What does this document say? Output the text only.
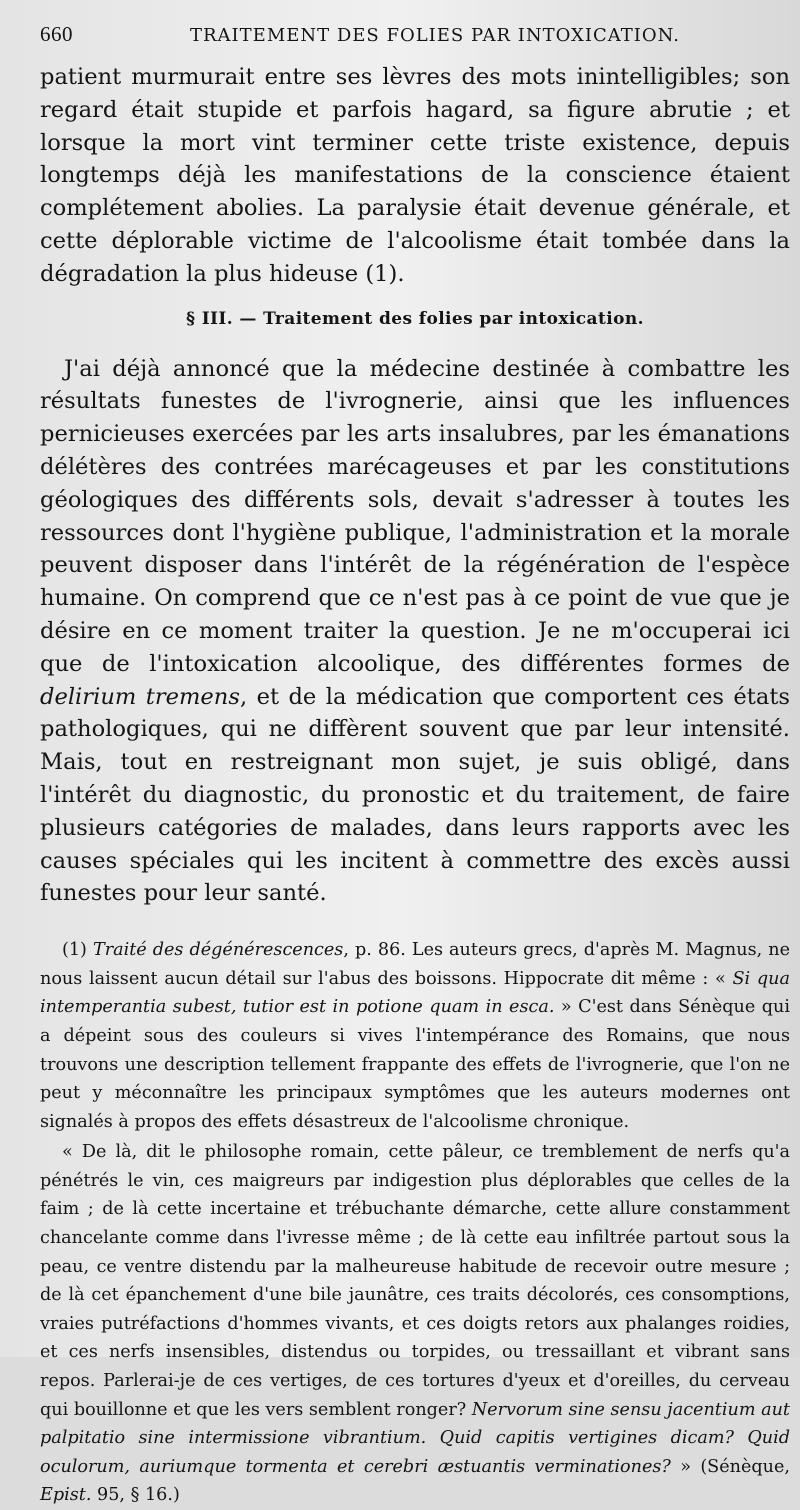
660	TRAITEMENT DES FOLIES PAR INTOXICATION.

patient murmurait entre ses lèvres des mots inintelligibles; son regard était stupide et parfois hagard, sa figure abrutie ; et lorsque la mort vint terminer cette triste existence, depuis longtemps déjà les manifestations de la conscience étaient complétement abolies. La paralysie était devenue générale, et cette déplorable victime de l'alcoolisme était tombée dans la dégradation la plus hideuse (1).

§ III. — Traitement des folies par intoxication.

J'ai déjà annoncé que la médecine destinée à combattre les résultats funestes de l'ivrognerie, ainsi que les influences pernicieuses exercées par les arts insalubres, par les émanations délétères des contrées marécageuses et par les constitutions géologiques des différents sols, devait s'adresser à toutes les ressources dont l'hygiène publique, l'administration et la morale peuvent disposer dans l'intérêt de la régénération de l'espèce humaine. On comprend que ce n'est pas à ce point de vue que je désire en ce moment traiter la question. Je ne m'occuperai ici que de l'intoxication alcoolique, des différentes formes de delirium tremens, et de la médication que comportent ces états pathologiques, qui ne diffèrent souvent que par leur intensité. Mais, tout en restreignant mon sujet, je suis obligé, dans l'intérêt du diagnostic, du pronostic et du traitement, de faire plusieurs catégories de malades, dans leurs rapports avec les causes spéciales qui les incitent à commettre des excès aussi funestes pour leur santé.

(1) Traité des dégénérescences, p. 86. Les auteurs grecs, d'après M. Magnus, ne nous laissent aucun détail sur l'abus des boissons. Hippocrate dit même : « Si qua intemperantia subest, tutior est in potione quam in esca. » C'est dans Sénèque qui a dépeint sous des couleurs si vives l'intempérance des Romains, que nous trouvons une description tellement frappante des effets de l'ivrognerie, que l'on ne peut y méconnaître les principaux symptômes que les auteurs modernes ont signalés à propos des effets désastreux de l'alcoolisme chronique.

« De là, dit le philosophe romain, cette pâleur, ce tremblement de nerfs qu'a pénétrés le vin, ces maigreurs par indigestion plus déplorables que celles de la faim ; de là cette incertaine et trébuchante démarche, cette allure constamment chancelante comme dans l'ivresse même ; de là cette eau infiltrée partout sous la peau, ce ventre distendu par la malheureuse habitude de recevoir outre mesure ; de là cet épanchement d'une bile jaunâtre, ces traits décolorés, ces consomptions, vraies putréfactions d'hommes vivants, et ces doigts retors aux phalanges roidies, et ces nerfs insensibles, distendus ou torpides, ou tressaillant et vibrant sans repos. Parlerai-je de ces vertiges, de ces tortures d'yeux et d'oreilles, du cerveau qui bouillonne et que les vers semblent ronger? Nervorum sine sensu jacentium aut palpitatio sine intermissione vibrantium. Quid capitis vertigines dicam? Quid oculorum, auriumque tormenta et cerebri æstuantis verminationes? » (Sénèque, Epist. 95, § 16.)
